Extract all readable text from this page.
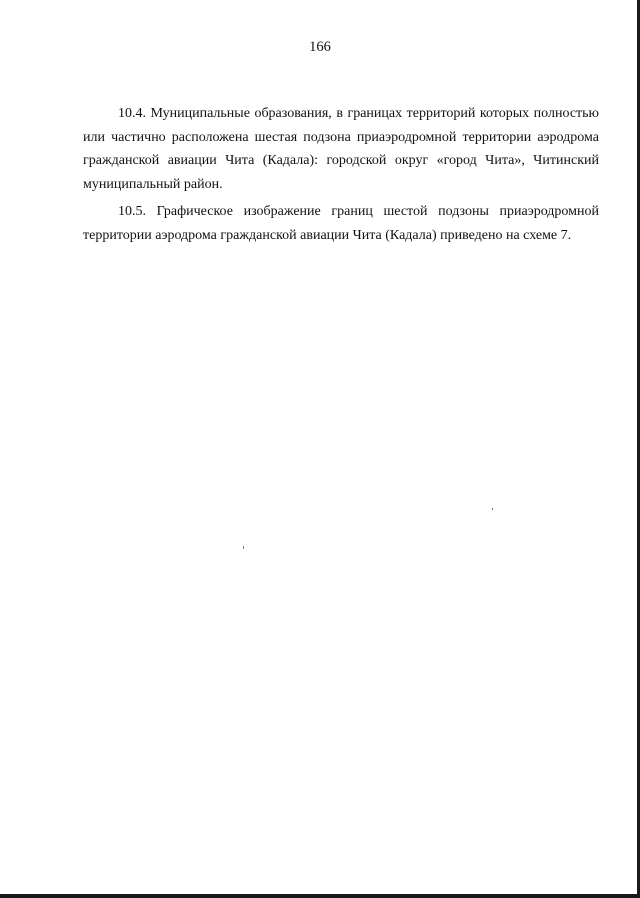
166

10.4. Муниципальные образования, в границах территорий которых полностью или частично расположена шестая подзона приаэродромной территории аэродрома гражданской авиации Чита (Кадала): городской округ «город Чита», Читинский муниципальный район.

10.5. Графическое изображение границ шестой подзоны приаэродромной территории аэродрома гражданской авиации Чита (Кадала) приведено на схеме 7.
